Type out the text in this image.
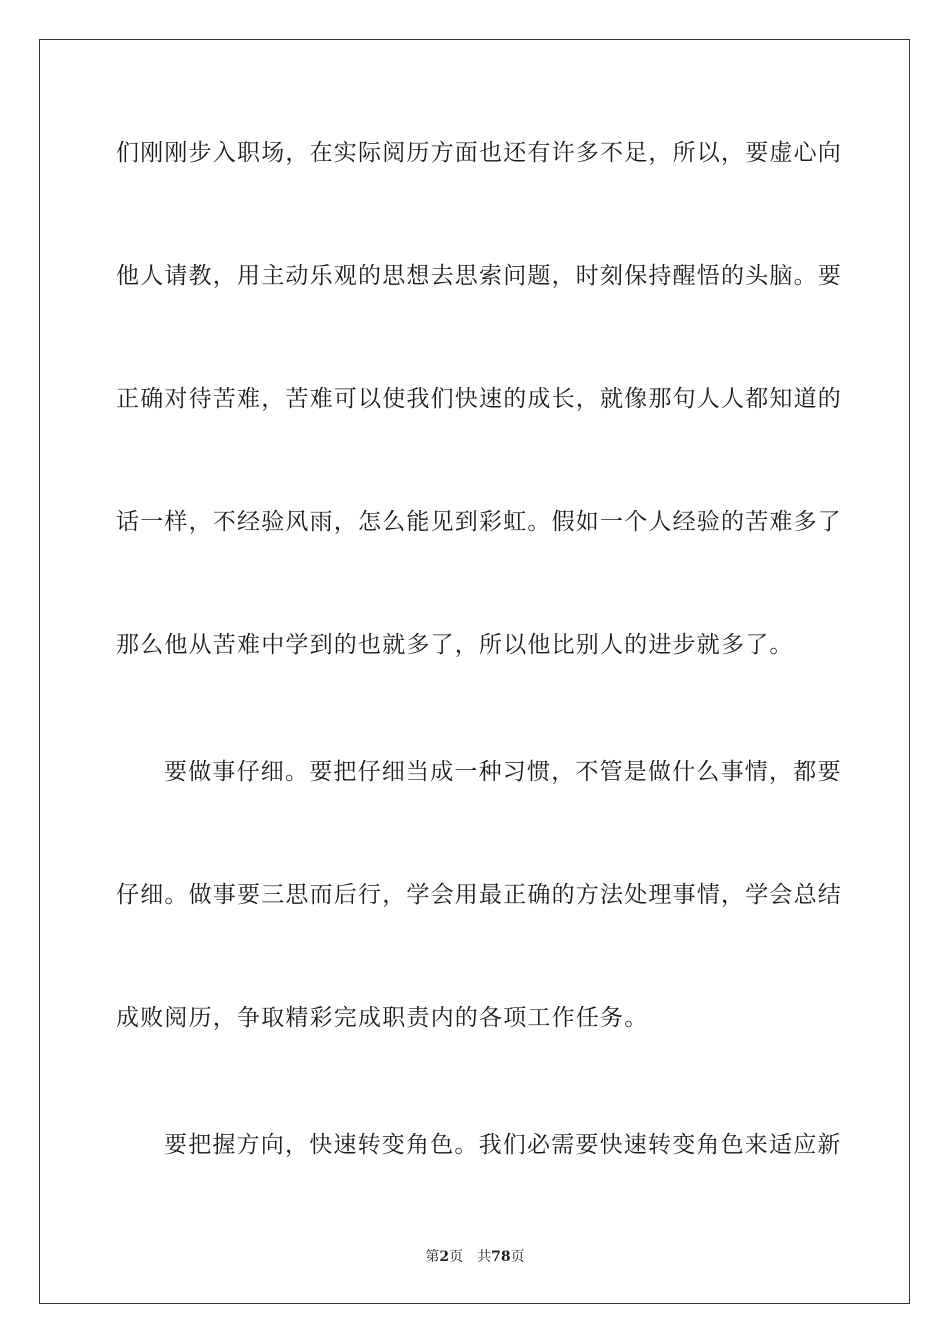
们刚刚步入职场，在实际阅历方面也还有许多不足，所以，要虚心向
他人请教，用主动乐观的思想去思索问题，时刻保持醒悟的头脑。要
正确对待苦难，苦难可以使我们快速的成长，就像那句人人都知道的
话一样，不经验风雨，怎么能见到彩虹。假如一个人经验的苦难多了
那么他从苦难中学到的也就多了，所以他比别人的进步就多了。
要做事仔细。要把仔细当成一种习惯，不管是做什么事情，都要
仔细。做事要三思而后行，学会用最正确的方法处理事情，学会总结
成败阅历，争取精彩完成职责内的各项工作任务。
要把握方向，快速转变角色。我们必需要快速转变角色来适应新
第2页 共78页
